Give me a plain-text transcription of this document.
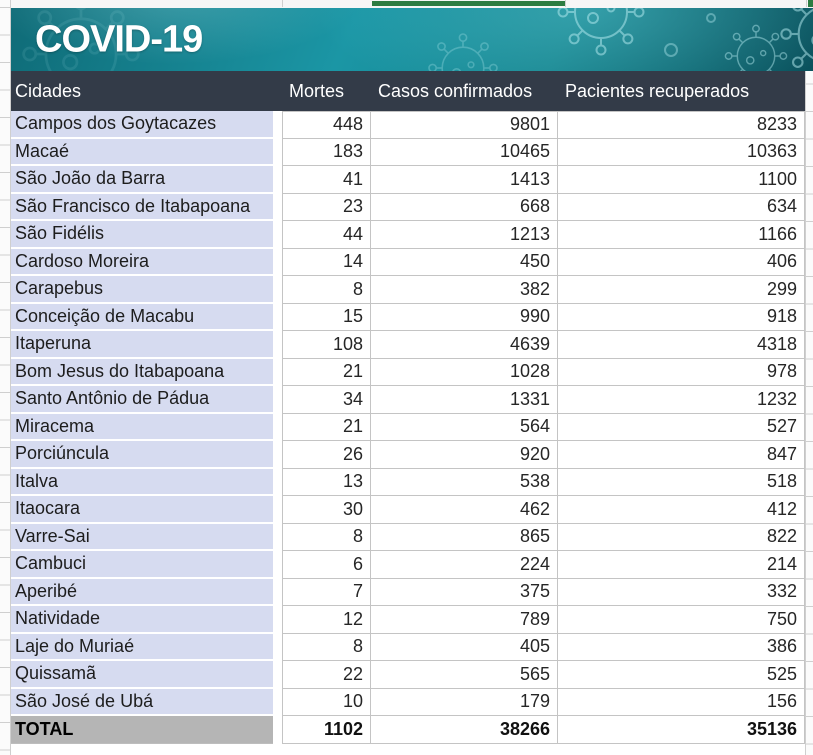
COVID-19
Cidades	Mortes	Casos confirmados	Pacientes recuperados
Campos dos Goytacazes	448	9801	8233
Macaé	183	10465	10363
São João da Barra	41	1413	1100
São Francisco de Itabapoana	23	668	634
São Fidélis	44	1213	1166
Cardoso Moreira	14	450	406
Carapebus	8	382	299
Conceição de Macabu	15	990	918
Itaperuna	108	4639	4318
Bom Jesus do Itabapoana	21	1028	978
Santo Antônio de Pádua	34	1331	1232
Miracema	21	564	527
Porciúncula	26	920	847
Italva	13	538	518
Itaocara	30	462	412
Varre-Sai	8	865	822
Cambuci	6	224	214
Aperibé	7	375	332
Natividade	12	789	750
Laje do Muriaé	8	405	386
Quissamã	22	565	525
São José de Ubá	10	179	156
TOTAL	1102	38266	35136
